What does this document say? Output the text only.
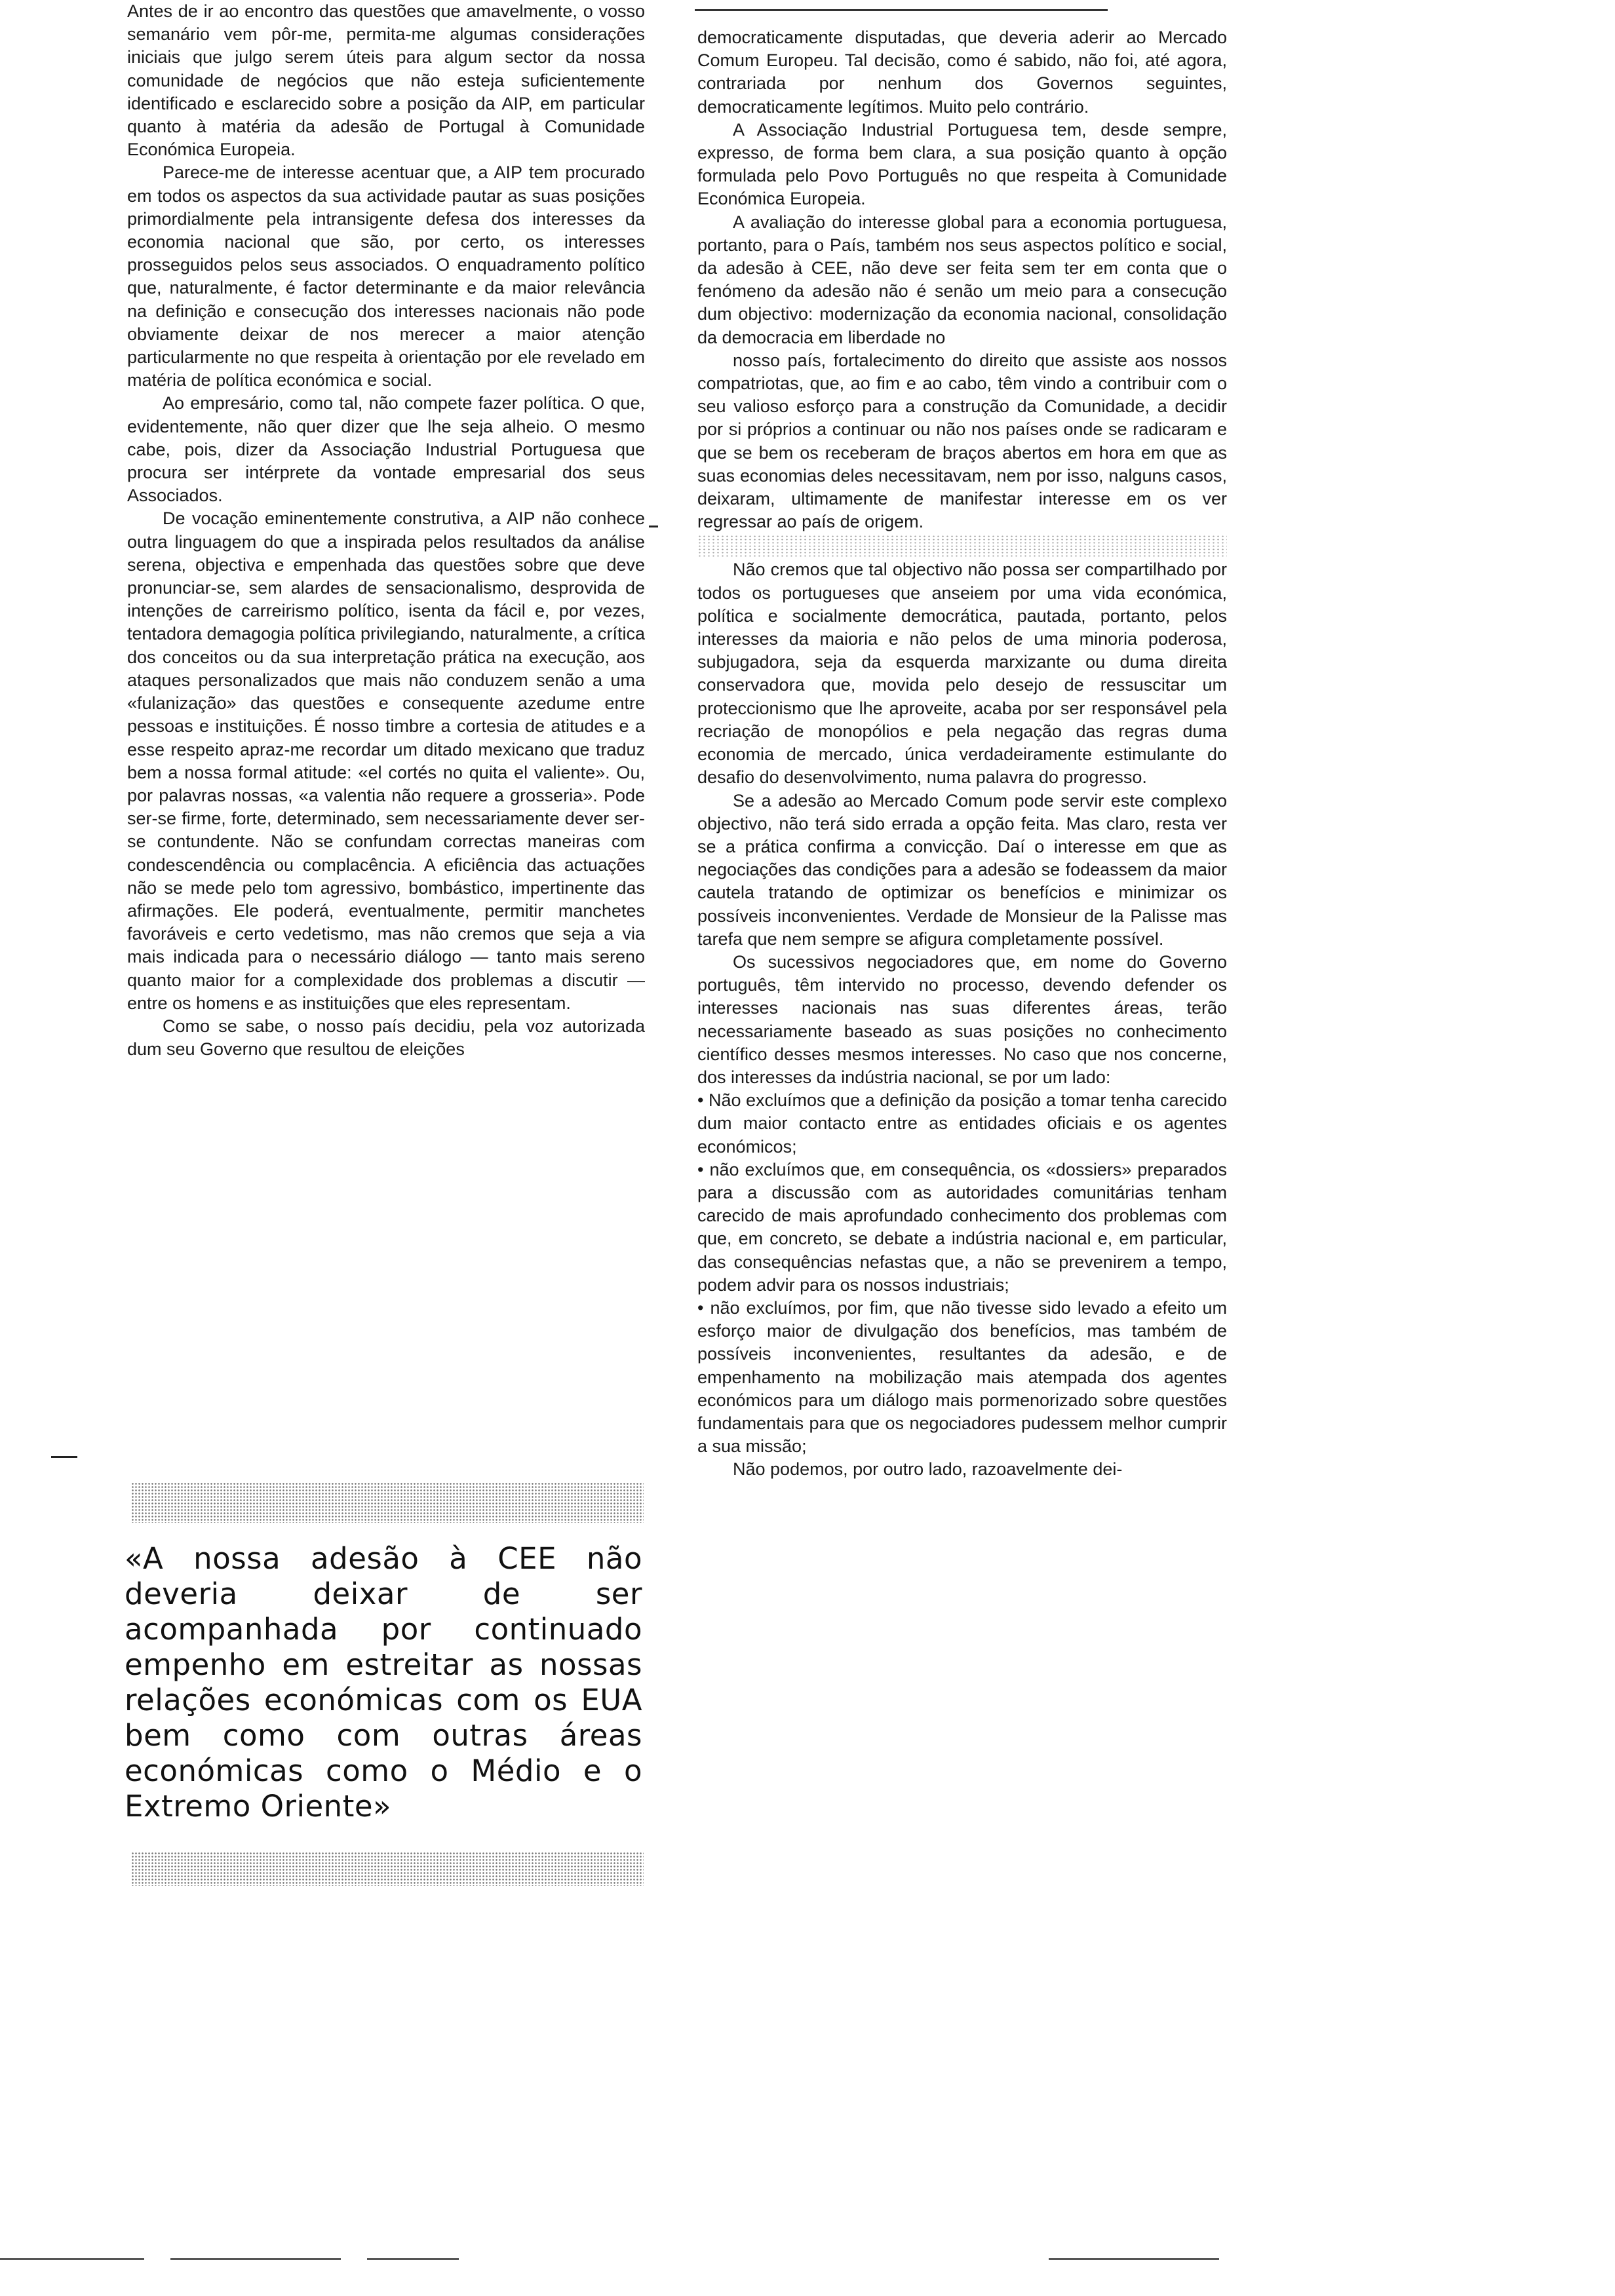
Antes de ir ao encontro das questões que amavelmente, o vosso semanário vem pôr-me, permita-me algumas considerações iniciais que julgo serem úteis para algum sector da nossa comunidade de negócios que não esteja suficientemente identificado e esclarecido sobre a posição da AIP, em particular quanto à matéria da adesão de Portugal à Comunidade Económica Europeia.

Parece-me de interesse acentuar que, a AIP tem procurado em todos os aspectos da sua actividade pautar as suas posições primordialmente pela intransigente defesa dos interesses da economia nacional que são, por certo, os interesses prosseguidos pelos seus associados. O enquadramento político que, naturalmente, é factor determinante e da maior relevância na definição e consecução dos interesses nacionais não pode obviamente deixar de nos merecer a maior atenção particularmente no que respeita à orientação por ele revelado em matéria de política económica e social.

Ao empresário, como tal, não compete fazer política. O que, evidentemente, não quer dizer que lhe seja alheio. O mesmo cabe, pois, dizer da Associação Industrial Portuguesa que procura ser intérprete da vontade empresarial dos seus Associados.

De vocação eminentemente construtiva, a AIP não conhece outra linguagem do que a inspirada pelos resultados da análise serena, objectiva e empenhada das questões sobre que deve pronunciar-se, sem alardes de sensacionalismo, desprovida de intenções de carreirismo político, isenta da fácil e, por vezes, tentadora demagogia política privilegiando, naturalmente, a crítica dos conceitos ou da sua interpretação prática na execução, aos ataques personalizados que mais não conduzem senão a uma «fulanização» das questões e consequente azedume entre pessoas e instituições. É nosso timbre a cortesia de atitudes e a esse respeito apraz-me recordar um ditado mexicano que traduz bem a nossa formal atitude: «el cortés no quita el valiente». Ou, por palavras nossas, «a valentia não requere a grosseria». Pode ser-se firme, forte, determinado, sem necessariamente dever ser-se contundente. Não se confundam correctas maneiras com condescendência ou complacência. A eficiência das actuações não se mede pelo tom agressivo, bombástico, impertinente das afirmações. Ele poderá, eventualmente, permitir manchetes favoráveis e certo vedetismo, mas não cremos que seja a via mais indicada para o necessário diálogo — tanto mais sereno quanto maior for a complexidade dos problemas a discutir — entre os homens e as instituições que eles representam.

Como se sabe, o nosso país decidiu, pela voz autorizada dum seu Governo que resultou de eleições

«A nossa adesão à CEE não deveria deixar de ser acompanhada por continuado empenho em estreitar as nossas relações económicas com os EUA bem como com outras áreas económicas como o Médio e o Extremo Oriente»

democraticamente disputadas, que deveria aderir ao Mercado Comum Europeu. Tal decisão, como é sabido, não foi, até agora, contrariada por nenhum dos Governos seguintes, democraticamente legítimos. Muito pelo contrário.

A Associação Industrial Portuguesa tem, desde sempre, expresso, de forma bem clara, a sua posição quanto à opção formulada pelo Povo Português no que respeita à Comunidade Económica Europeia.

A avaliação do interesse global para a economia portuguesa, portanto, para o País, também nos seus aspectos político e social, da adesão à CEE, não deve ser feita sem ter em conta que o fenómeno da adesão não é senão um meio para a consecução dum objectivo: modernização da economia nacional, consolidação da democracia em liberdade no

nosso país, fortalecimento do direito que assiste aos nossos compatriotas, que, ao fim e ao cabo, têm vindo a contribuir com o seu valioso esforço para a construção da Comunidade, a decidir por si próprios a continuar ou não nos países onde se radicaram e que se bem os receberam de braços abertos em hora em que as suas economias deles necessitavam, nem por isso, nalguns casos, deixaram, ultimamente de manifestar interesse em os ver regressar ao país de origem.

Não cremos que tal objectivo não possa ser compartilhado por todos os portugueses que anseiem por uma vida económica, política e socialmente democrática, pautada, portanto, pelos interesses da maioria e não pelos de uma minoria poderosa, subjugadora, seja da esquerda marxizante ou duma direita conservadora que, movida pelo desejo de ressuscitar um proteccionismo que lhe aproveite, acaba por ser responsável pela recriação de monopólios e pela negação das regras duma economia de mercado, única verdadeiramente estimulante do desafio do desenvolvimento, numa palavra do progresso.

Se a adesão ao Mercado Comum pode servir este complexo objectivo, não terá sido errada a opção feita. Mas claro, resta ver se a prática confirma a convicção. Daí o interesse em que as negociações das condições para a adesão se fodeassem da maior cautela tratando de optimizar os benefícios e minimizar os possíveis inconvenientes. Verdade de Monsieur de la Palisse mas tarefa que nem sempre se afigura completamente possível.

Os sucessivos negociadores que, em nome do Governo português, têm intervido no processo, devendo defender os interesses nacionais nas suas diferentes áreas, terão necessariamente baseado as suas posições no conhecimento científico desses mesmos interesses. No caso que nos concerne, dos interesses da indústria nacional, se por um lado:

• Não excluímos que a definição da posição a tomar tenha carecido dum maior contacto entre as entidades oficiais e os agentes económicos;

• não excluímos que, em consequência, os «dossiers» preparados para a discussão com as autoridades comunitárias tenham carecido de mais aprofundado conhecimento dos problemas com que, em concreto, se debate a indústria nacional e, em particular, das consequências nefastas que, a não se prevenirem a tempo, podem advir para os nossos industriais;

• não excluímos, por fim, que não tivesse sido levado a efeito um esforço maior de divulgação dos benefícios, mas também de possíveis inconvenientes, resultantes da adesão, e de empenhamento na mobilização mais atempada dos agentes económicos para um diálogo mais pormenorizado sobre questões fundamentais para que os negociadores pudessem melhor cumprir a sua missão;

Não podemos, por outro lado, razoavelmente dei-
